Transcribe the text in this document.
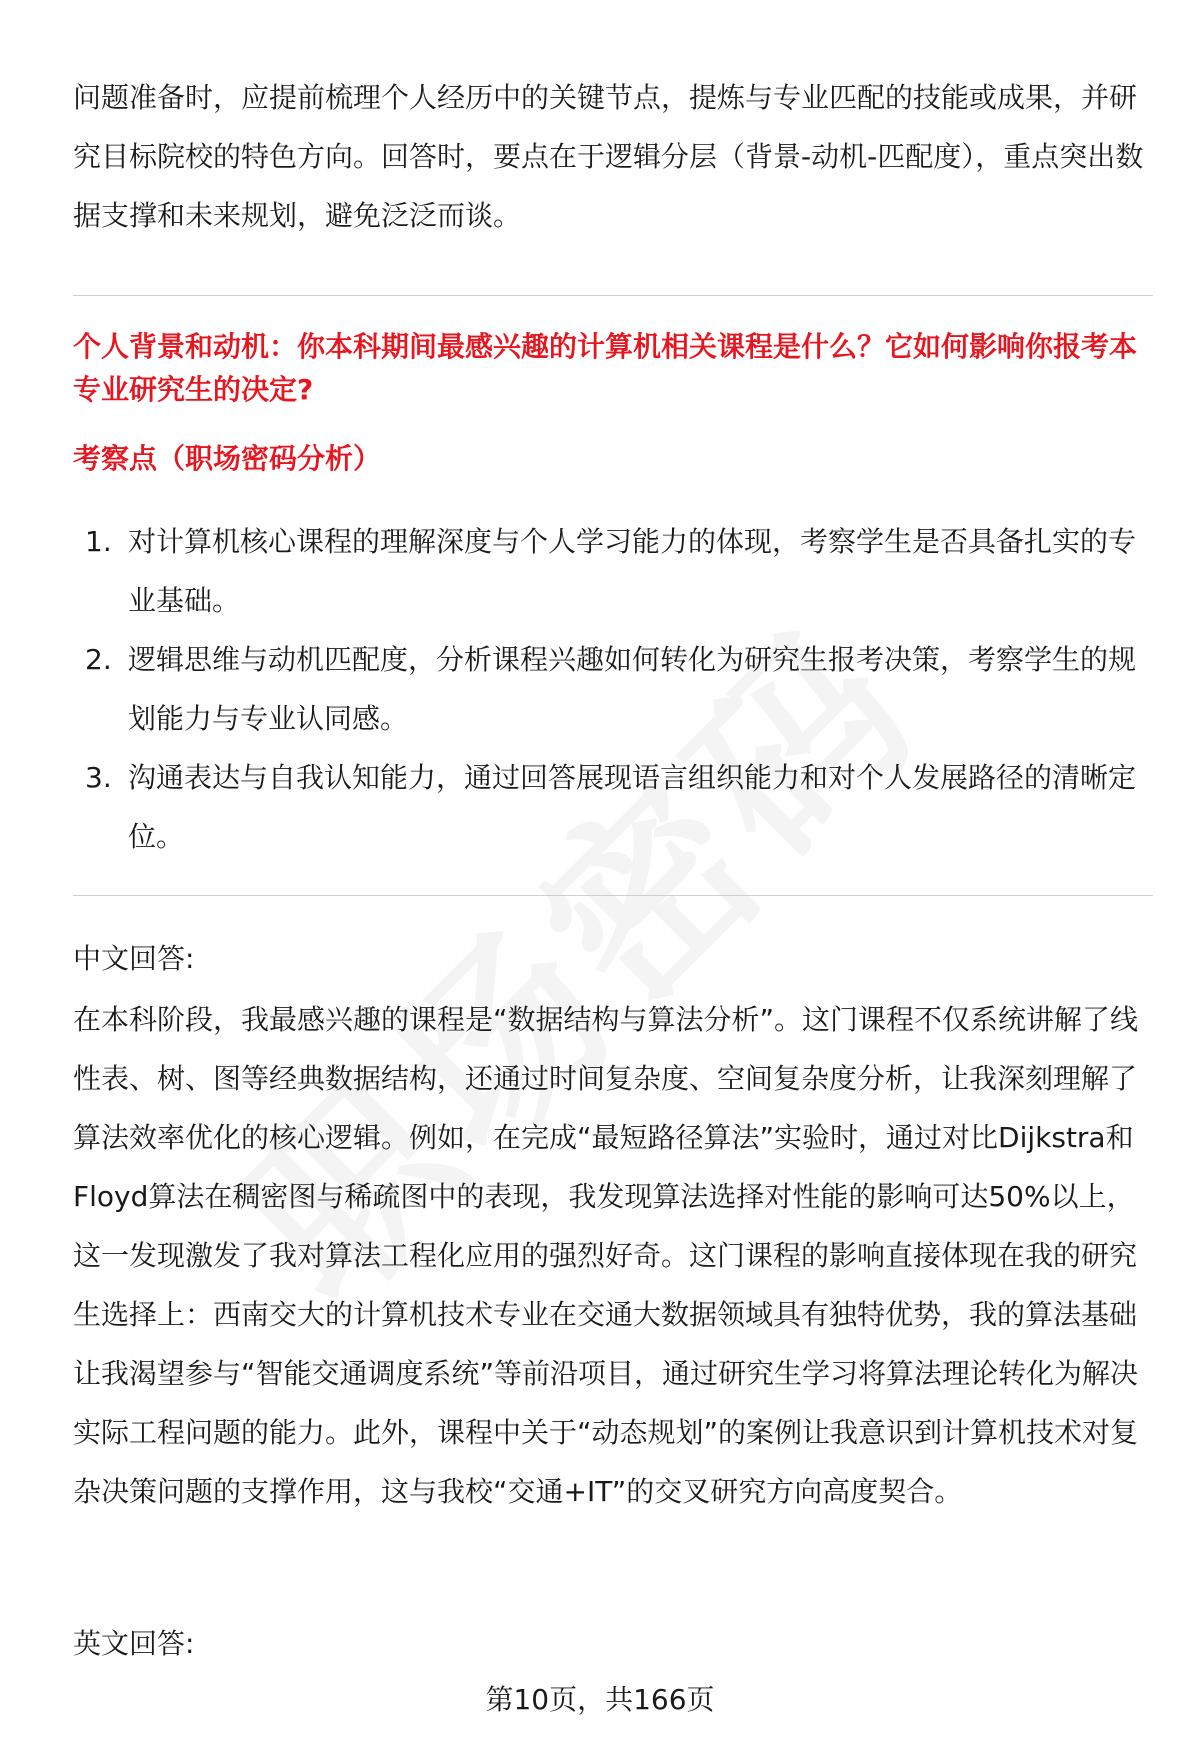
问题准备时，应提前梳理个人经历中的关键节点，提炼与专业匹配的技能或成果，并研究目标院校的特色方向。回答时，要点在于逻辑分层（背景-动机-匹配度），重点突出数据支撑和未来规划，避免泛泛而谈。

个人背景和动机：你本科期间最感兴趣的计算机相关课程是什么？它如何影响你报考本专业研究生的决定?

考察点（职场密码分析）

1. 对计算机核心课程的理解深度与个人学习能力的体现，考察学生是否具备扎实的专业基础。
2. 逻辑思维与动机匹配度，分析课程兴趣如何转化为研究生报考决策，考察学生的规划能力与专业认同感。
3. 沟通表达与自我认知能力，通过回答展现语言组织能力和对个人发展路径的清晰定位。

中文回答:

在本科阶段，我最感兴趣的课程是“数据结构与算法分析”。这门课程不仅系统讲解了线性表、树、图等经典数据结构，还通过时间复杂度、空间复杂度分析，让我深刻理解了算法效率优化的核心逻辑。例如，在完成“最短路径算法”实验时，通过对比Dijkstra和Floyd算法在稠密图与稀疏图中的表现，我发现算法选择对性能的影响可达50%以上，这一发现激发了我对算法工程化应用的强烈好奇。这门课程的影响直接体现在我的研究生选择上：西南交大的计算机技术专业在交通大数据领域具有独特优势，我的算法基础让我渴望参与“智能交通调度系统”等前沿项目，通过研究生学习将算法理论转化为解决实际工程问题的能力。此外，课程中关于“动态规划”的案例让我意识到计算机技术对复杂决策问题的支撑作用，这与我校“交通+IT”的交叉研究方向高度契合。

英文回答:

第10页，共166页
